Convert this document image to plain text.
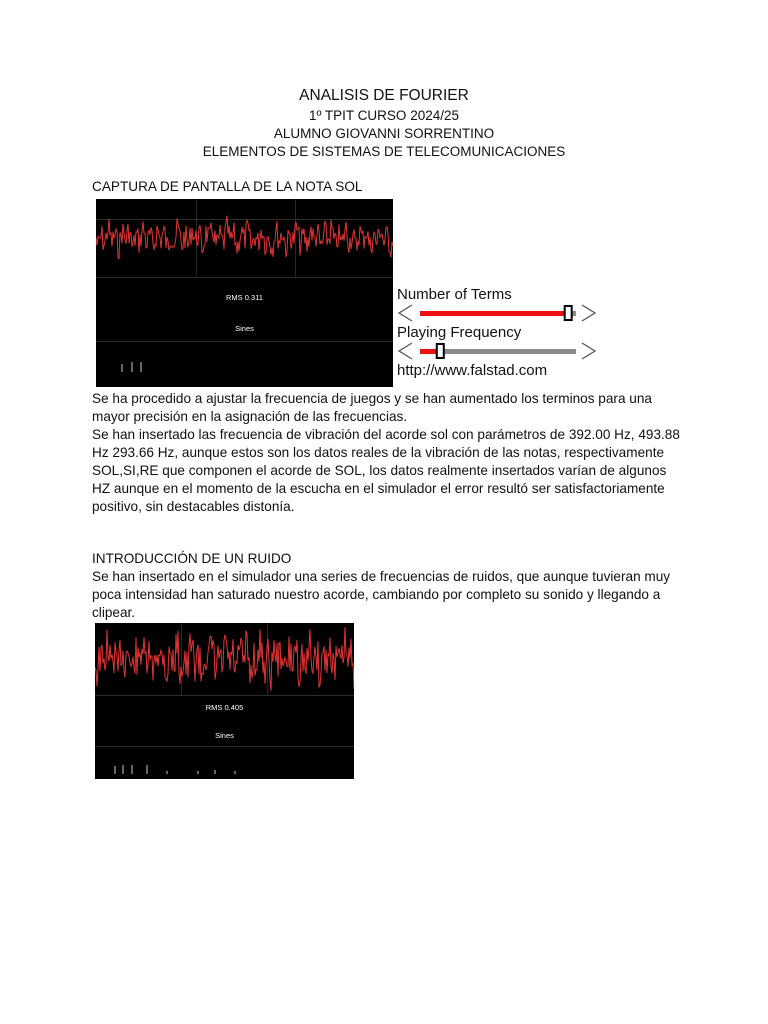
ANALISIS DE FOURIER
1º TPIT CURSO 2024/25
ALUMNO GIOVANNI SORRENTINO
ELEMENTOS DE SISTEMAS DE TELECOMUNICACIONES
CAPTURA DE PANTALLA DE LA NOTA SOL
RMS 0.311
Sines
Number of Terms
Playing Frequency
http://www.falstad.com

Se ha procedido a ajustar la frecuencia de juegos y se han aumentado los terminos para una mayor precisión en la asignación de las frecuencias.

Se han insertado las frecuencia de vibración del acorde sol con parámetros de 392.00 Hz, 493.88 Hz 293.66 Hz, aunque estos son los datos reales de la vibración de las notas, respectivamente SOL,SI,RE que componen el acorde de SOL, los datos realmente insertados varían de algunos HZ aunque en el momento de la escucha en el simulador el error resultó ser satisfactoriamente positivo, sin destacables distonía.

INTRODUCCIÓN DE UN RUIDO

Se han insertado en el simulador una series de frecuencias de ruidos, que aunque tuvieran muy poca intensidad han saturado nuestro acorde, cambiando por completo su sonido y llegando a clipear.

RMS 0.405
Sines
